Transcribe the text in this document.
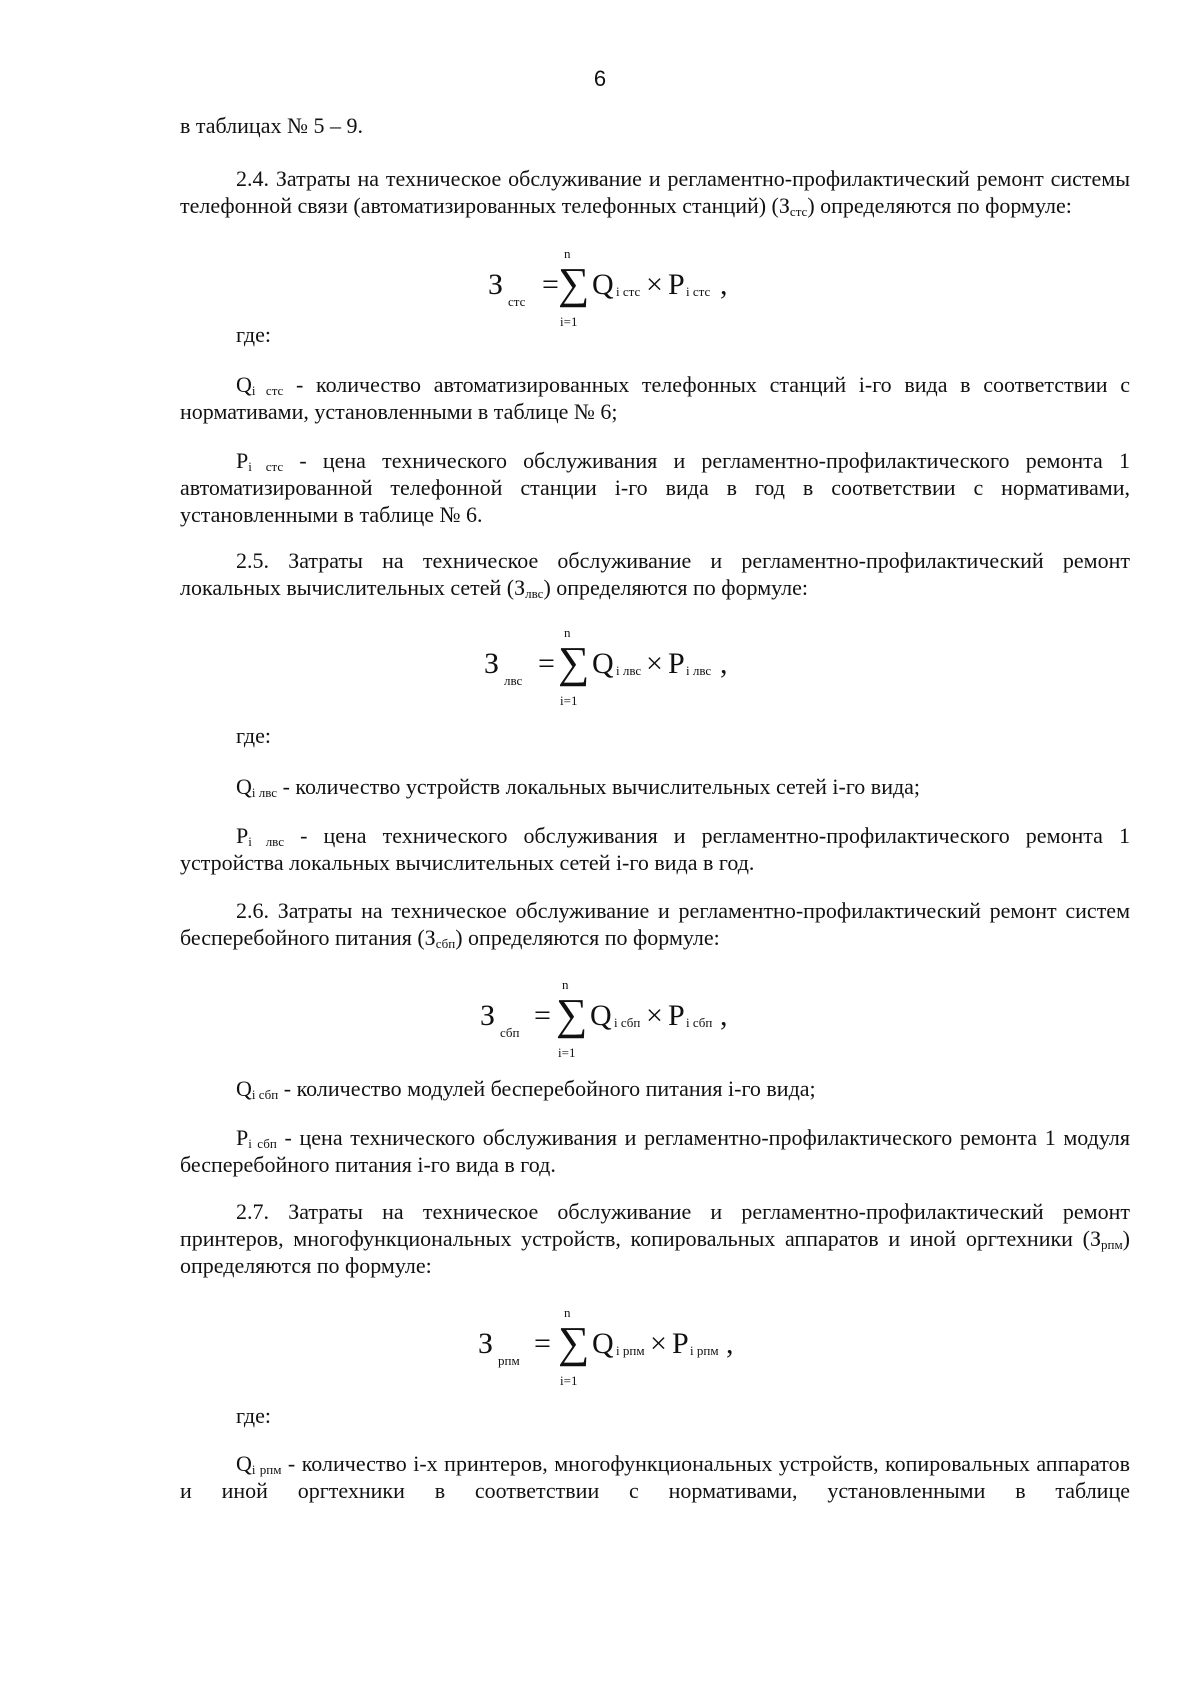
6

в таблицах № 5 – 9.

2.4. Затраты на техническое обслуживание и регламентно-профилактический ремонт системы телефонной связи (автоматизированных телефонных станций) $(З_{стс})$ определяются по формуле:

З
стс
=
n
∑
i=1
Q i стс × P i стс ,
где:

$Q_{i стс}$ - количество автоматизированных телефонных станций i-го вида в соответствии с нормативами, установленными в таблице № 6;

$P_{i стс}$ - цена технического обслуживания и регламентно-профилактического ремонта 1 автоматизированной телефонной станции i-го вида в год в соответствии с нормативами, установленными в таблице № 6.

2.5. Затраты на техническое обслуживание и регламентно-профилактический ремонт локальных вычислительных сетей $(З_{лвс})$ определяются по формуле:

З
лвс
=
n
∑
i=1
Q i лвс × P i лвс ,
где:

$Q_{i лвс}$ - количество устройств локальных вычислительных сетей i-го вида;

$P_{i лвс}$ - цена технического обслуживания и регламентно-профилактического ремонта 1 устройства локальных вычислительных сетей i-го вида в год.

2.6. Затраты на техническое обслуживание и регламентно-профилактический ремонт систем бесперебойного питания $(З_{сбп})$ определяются по формуле:

З
сбп
=
n
∑
i=1
Q i сбп × P i сбп ,

$Q_{i сбп}$ - количество модулей бесперебойного питания i-го вида;

$P_{i сбп}$ - цена технического обслуживания и регламентно-профилактического ремонта 1 модуля бесперебойного питания i-го вида в год.

2.7. Затраты на техническое обслуживание и регламентно-профилактический ремонт принтеров, многофункциональных устройств, копировальных аппаратов и иной оргтехники $(З_{рпм})$ определяются по формуле:

З
рпм
=
n
∑
i=1
Q i рпм × P i рпм ,
где:

$Q_{i рпм}$ - количество i-х принтеров, многофункциональных устройств, копировальных аппаратов и иной оргтехники в соответствии с нормативами, установленными в таблице
